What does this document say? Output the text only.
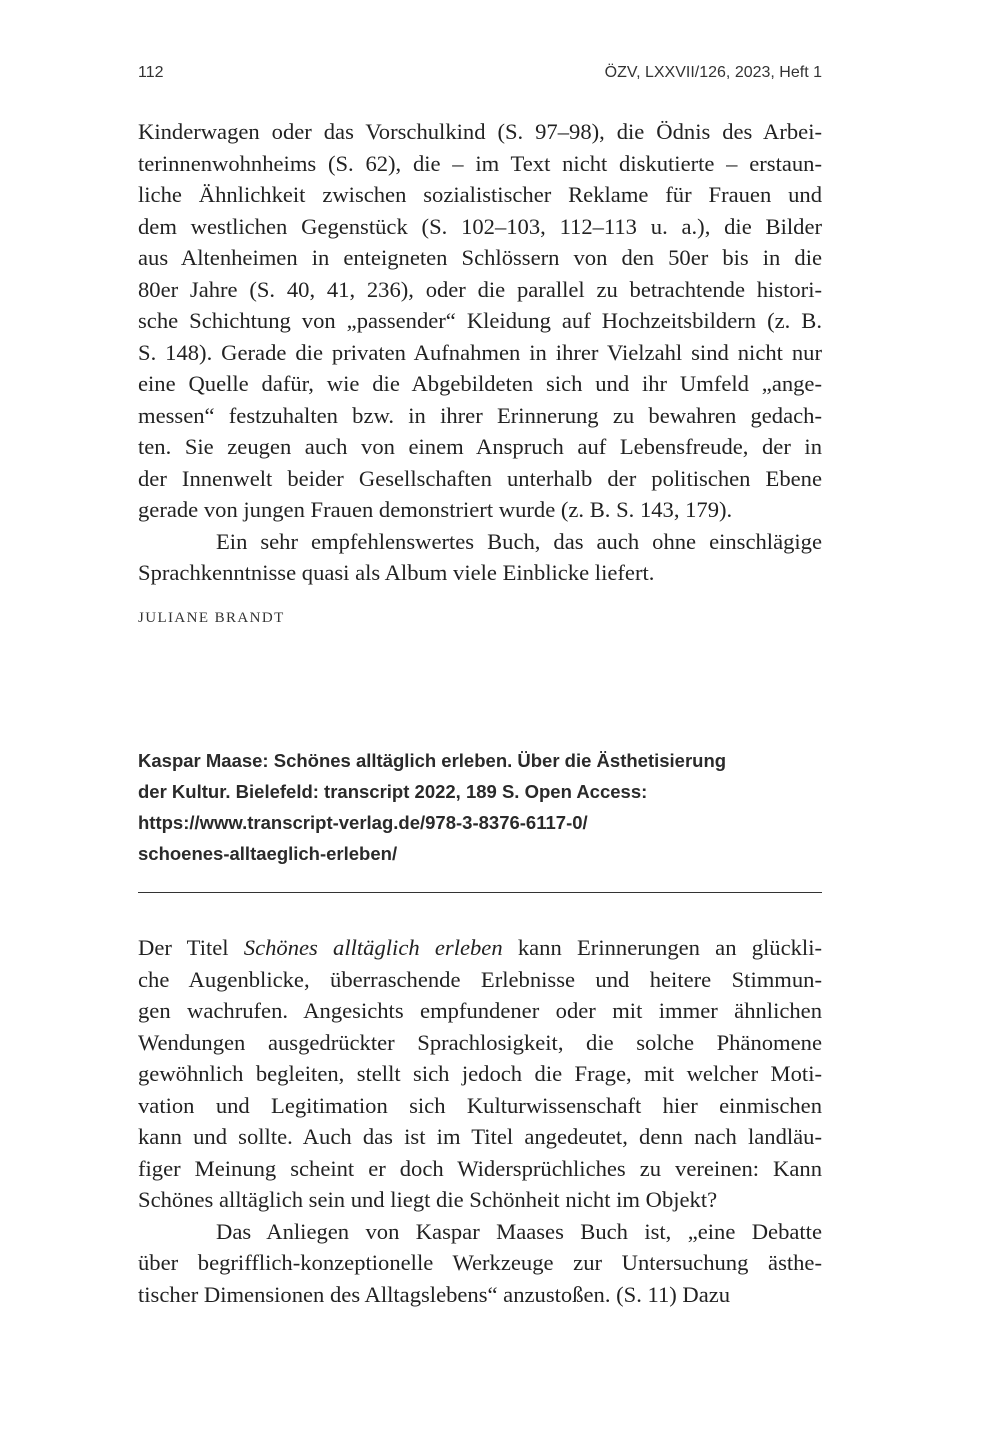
112	ÖZV, LXXVII/126, 2023, Heft 1
Kinderwagen oder das Vorschulkind (S. 97–98), die Ödnis des Arbei-
terinnenwohnheims (S. 62), die – im Text nicht diskutierte – erstaun-
liche Ähnlichkeit zwischen sozialistischer Reklame für Frauen und
dem westlichen Gegenstück (S. 102–103, 112–113 u. a.), die Bilder
aus Altenheimen in enteigneten Schlössern von den 50er bis in die
80er Jahre (S. 40, 41, 236), oder die parallel zu betrachtende histori-
sche Schichtung von „passender“ Kleidung auf Hochzeitsbildern (z. B.
S. 148). Gerade die privaten Aufnahmen in ihrer Vielzahl sind nicht nur
eine Quelle dafür, wie die Abgebildeten sich und ihr Umfeld „ange-
messen“ festzuhalten bzw. in ihrer Erinnerung zu bewahren gedach-
ten. Sie zeugen auch von einem Anspruch auf Lebensfreude, der in
der Innenwelt beider Gesellschaften unterhalb der politischen Ebene
gerade von jungen Frauen demonstriert wurde (z. B. S. 143, 179).
Ein sehr empfehlenswertes Buch, das auch ohne einschlägige
Sprachkenntnisse quasi als Album viele Einblicke liefert.
JULIANE BRANDT
Kaspar Maase: Schönes alltäglich erleben. Über die Ästhetisierung
der Kultur. Bielefeld: transcript 2022, 189 S. Open Access:
https://www.transcript-verlag.de/978-3-8376-6117-0/
schoenes-alltaeglich-erleben/
Der Titel Schönes alltäglich erleben kann Erinnerungen an glückli-
che Augenblicke, überraschende Erlebnisse und heitere Stimmun-
gen wachrufen. Angesichts empfundener oder mit immer ähnlichen
Wendungen ausgedrückter Sprachlosigkeit, die solche Phänomene
gewöhnlich begleiten, stellt sich jedoch die Frage, mit welcher Moti-
vation und Legitimation sich Kulturwissenschaft hier einmischen
kann und sollte. Auch das ist im Titel angedeutet, denn nach landläu-
figer Meinung scheint er doch Widersprüchliches zu vereinen: Kann
Schönes alltäglich sein und liegt die Schönheit nicht im Objekt?
Das Anliegen von Kaspar Maases Buch ist, „eine Debatte
über begrifflich-konzeptionelle Werkzeuge zur Untersuchung ästhe-
tischer Dimensionen des Alltagslebens“ anzustoßen. (S. 11) Dazu
